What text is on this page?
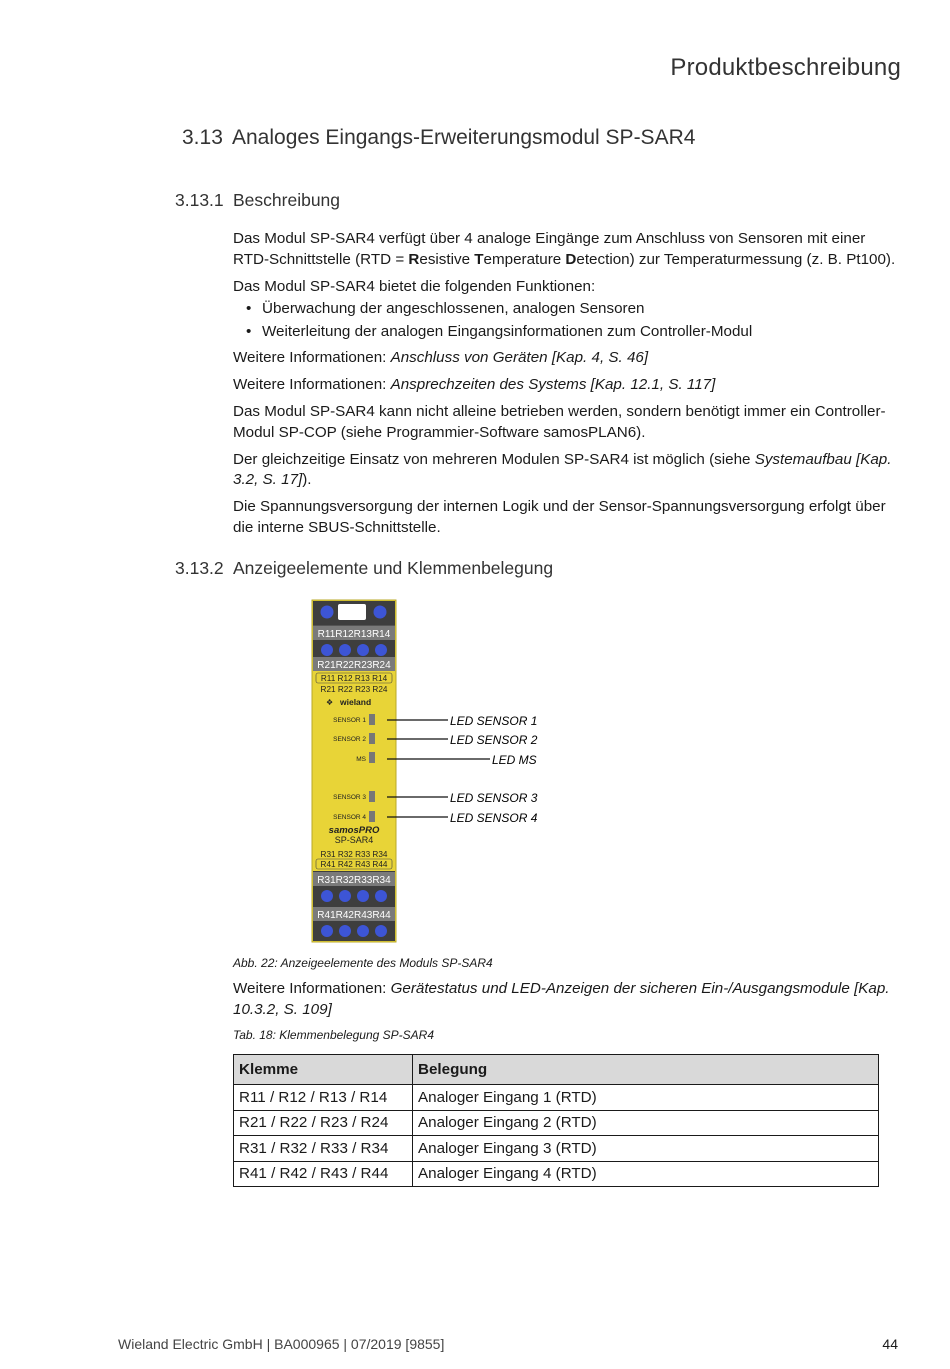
Produktbeschreibung
3.13 Analoges Eingangs-Erweiterungsmodul SP-SAR4
3.13.1 Beschreibung

Das Modul SP-SAR4 verfügt über 4 analoge Eingänge zum Anschluss von Sensoren mit einer RTD-Schnittstelle (RTD = Resistive Temperature Detection) zur Temperaturmessung (z. B. Pt100).

Das Modul SP-SAR4 bietet die folgenden Funktionen:

• Überwachung der angeschlossenen, analogen Sensoren
• Weiterleitung der analogen Eingangsinformationen zum Controller-Modul

Weitere Informationen: Anschluss von Geräten [Kap. 4, S. 46]

Weitere Informationen: Ansprechzeiten des Systems [Kap. 12.1, S. 117]

Das Modul SP-SAR4 kann nicht alleine betrieben werden, sondern benötigt immer ein Controller-Modul SP-COP (siehe Programmier-Software samosPLAN6).

Der gleichzeitige Einsatz von mehreren Modulen SP-SAR4 ist möglich (siehe Systemaufbau [Kap. 3.2, S. 17]).

Die Spannungsversorgung der internen Logik und der Sensor-Spannungsversorgung erfolgt über die interne SBUS-Schnittstelle.

3.13.2 Anzeigeelemente und Klemmenbelegung
R11R12R13R14
R21R22R23R24
R11 R12 R13 R14
R21 R22 R23 R24
❖ wieland
SENSOR 1
SENSOR 2
MS
SENSOR 3
SENSOR 4
LED SENSOR 1
LED SENSOR 2
LED MS
LED SENSOR 3
LED SENSOR 4
samosPRO
SP-SAR4
R31 R32 R33 R34
R41 R42 R43 R44
R31R32R33R34
R41R42R43R44
Abb. 22: Anzeigeelemente des Moduls SP-SAR4

Weitere Informationen: Gerätestatus und LED-Anzeigen der sicheren Ein-/Ausgangsmodule [Kap. 10.3.2, S. 109]

Tab. 18: Klemmenbelegung SP-SAR4
Klemme	Belegung
R11 / R12 / R13 / R14	Analoger Eingang 1 (RTD)
R21 / R22 / R23 / R24	Analoger Eingang 2 (RTD)
R31 / R32 / R33 / R34	Analoger Eingang 3 (RTD)
R41 / R42 / R43 / R44	Analoger Eingang 4 (RTD)
Wieland Electric GmbH | BA000965 | 07/2019 [9855]	44
